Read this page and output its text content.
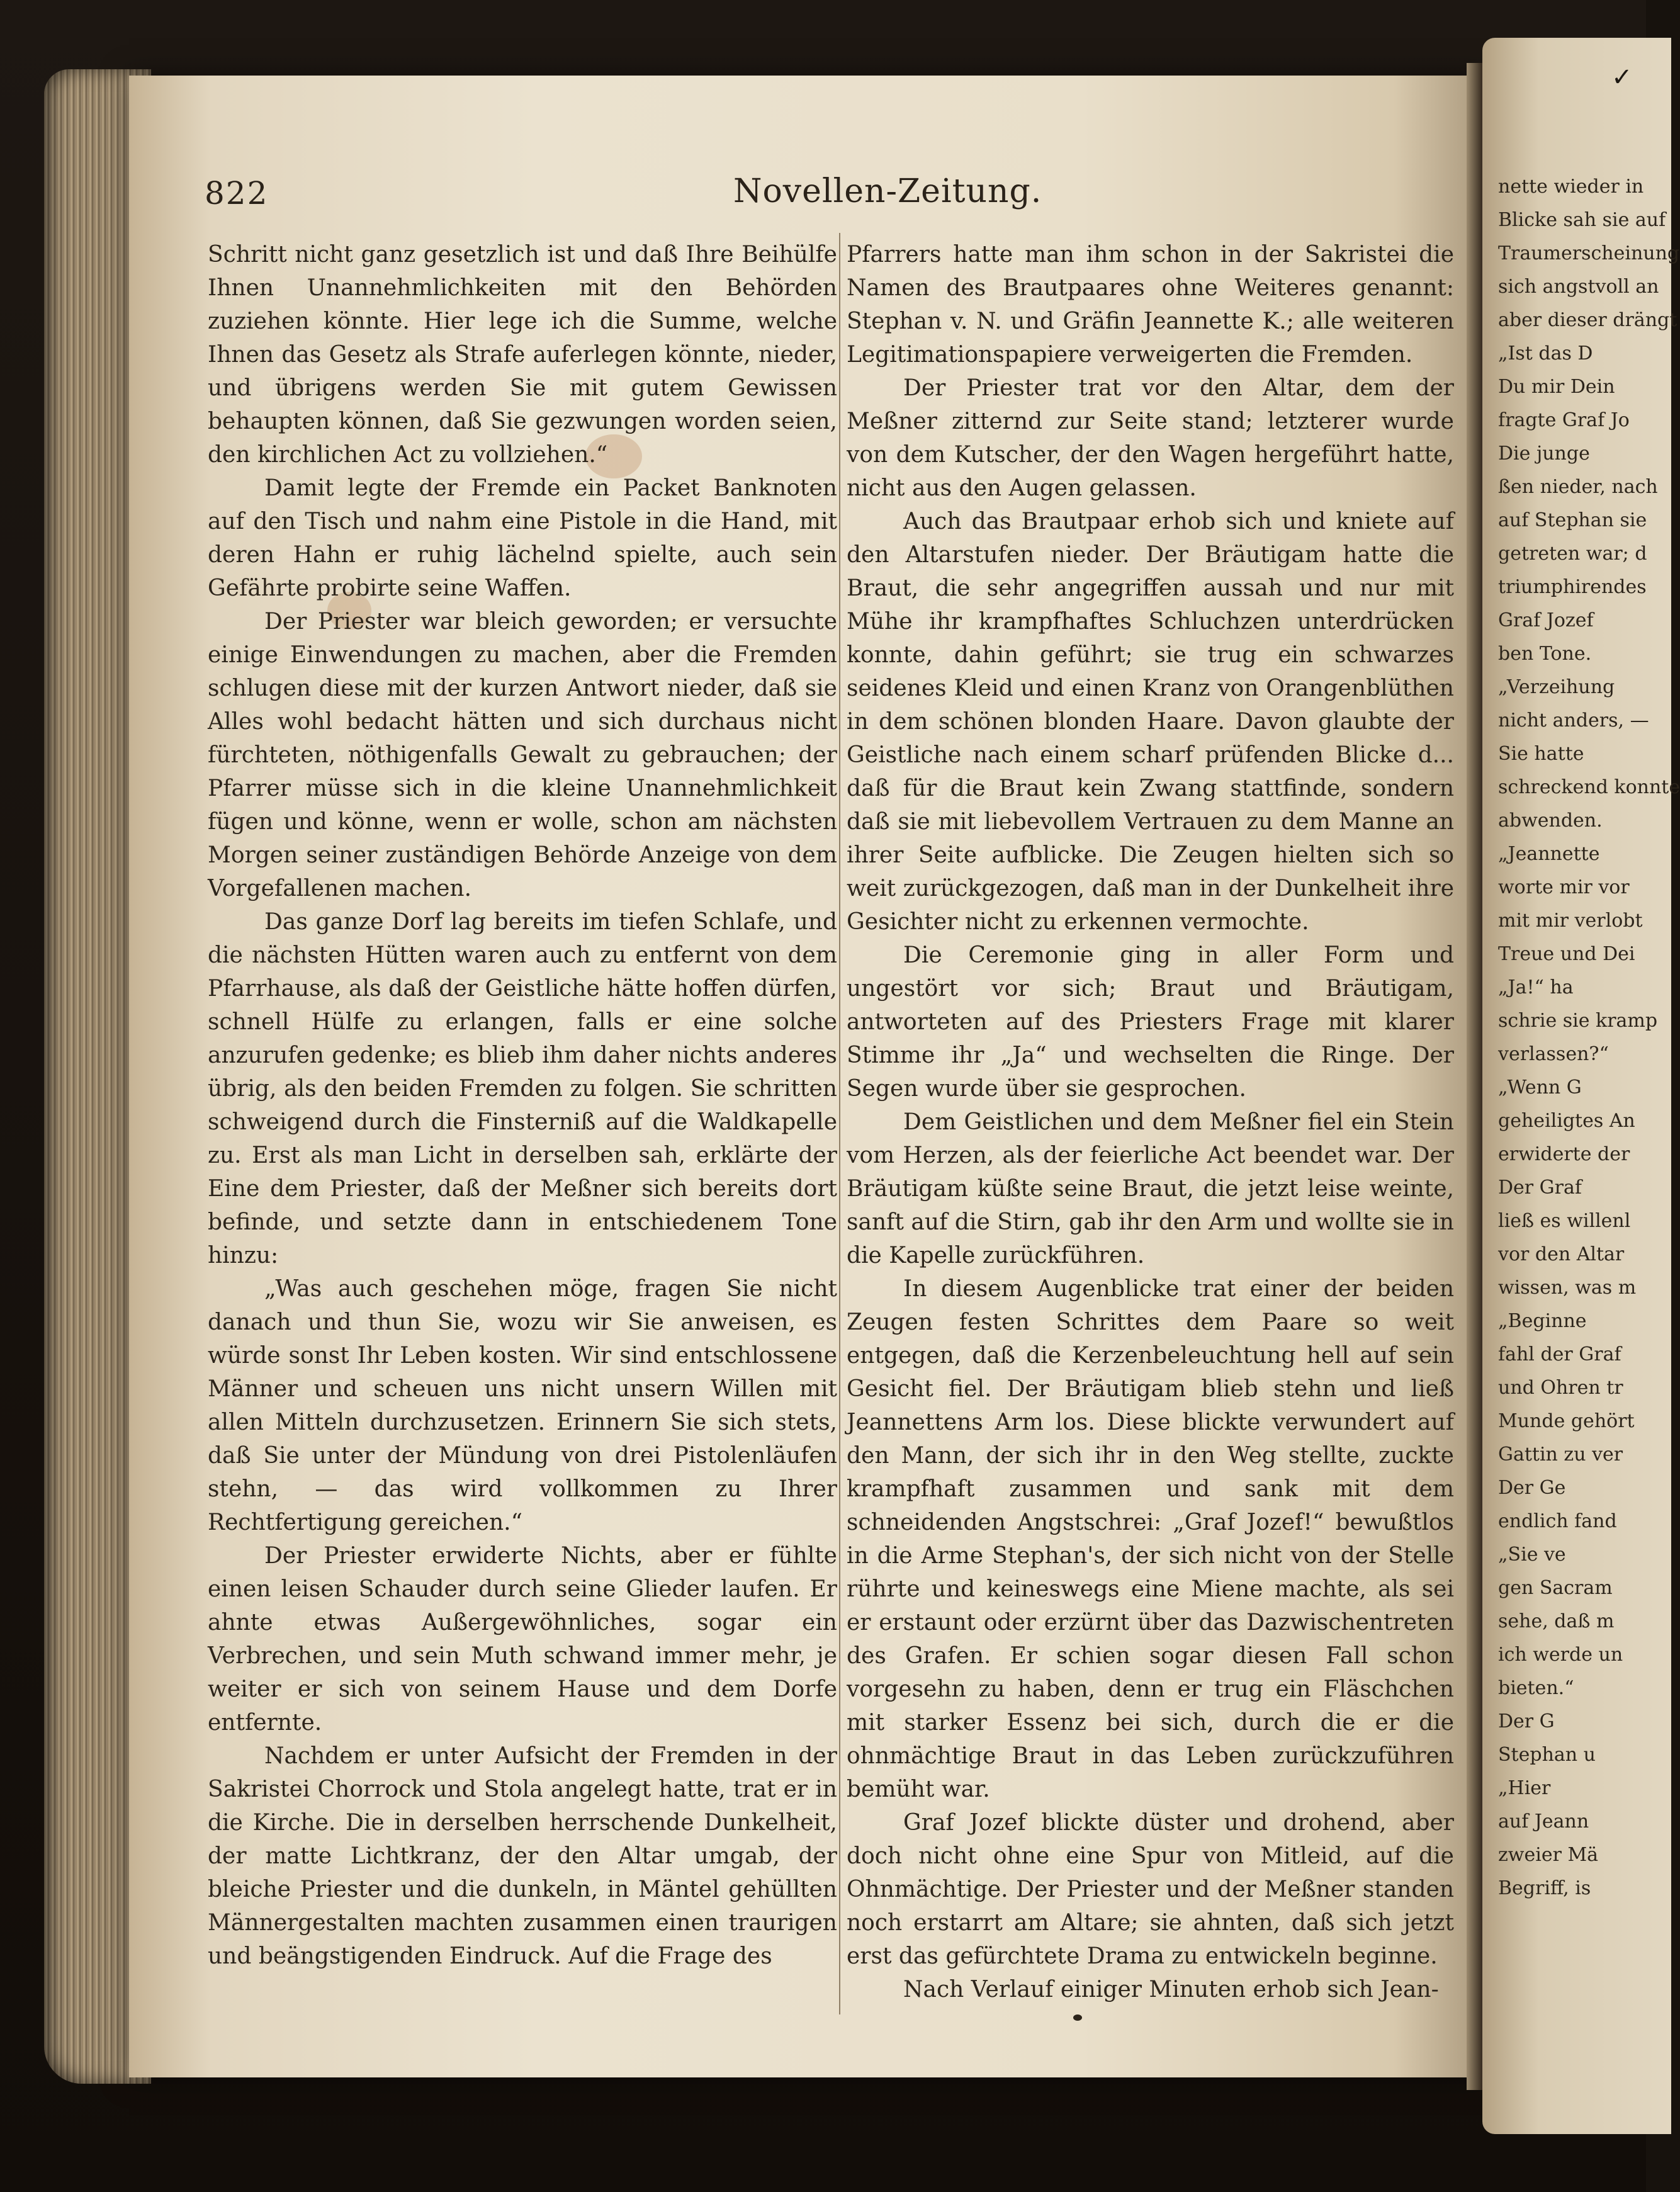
822	Novellen-Zeitung.

Schritt nicht ganz gesetzlich ist und daß Ihre Beihülfe Ihnen Unannehmlichkeiten mit den Behörden zuziehen könnte. Hier lege ich die Summe, welche Ihnen das Gesetz als Strafe auferlegen könnte, nieder, und übrigens werden Sie mit gutem Gewissen behaupten können, daß Sie gezwungen worden seien, den kirchlichen Act zu vollziehen.“

Damit legte der Fremde ein Packet Banknoten auf den Tisch und nahm eine Pistole in die Hand, mit deren Hahn er ruhig lächelnd spielte, auch sein Gefährte probirte seine Waffen.

Der Priester war bleich geworden; er versuchte einige Einwendungen zu machen, aber die Fremden schlugen diese mit der kurzen Antwort nieder, daß sie Alles wohl bedacht hätten und sich durchaus nicht fürchteten, nöthigenfalls Gewalt zu gebrauchen; der Pfarrer müsse sich in die kleine Unannehmlichkeit fügen und könne, wenn er wolle, schon am nächsten Morgen seiner zuständigen Behörde Anzeige von dem Vorgefallenen machen.

Das ganze Dorf lag bereits im tiefen Schlafe, und die nächsten Hütten waren auch zu entfernt von dem Pfarrhause, als daß der Geistliche hätte hoffen dürfen, schnell Hülfe zu erlangen, falls er eine solche anzurufen gedenke; es blieb ihm daher nichts anderes übrig, als den beiden Fremden zu folgen. Sie schritten schweigend durch die Finsterniß auf die Waldkapelle zu. Erst als man Licht in derselben sah, erklärte der Eine dem Priester, daß der Meßner sich bereits dort befinde, und setzte dann in entschiedenem Tone hinzu:

„Was auch geschehen möge, fragen Sie nicht danach und thun Sie, wozu wir Sie anweisen, es würde sonst Ihr Leben kosten. Wir sind entschlossene Männer und scheuen uns nicht unsern Willen mit allen Mitteln durchzusetzen. Erinnern Sie sich stets, daß Sie unter der Mündung von drei Pistolenläufen stehn, — das wird vollkommen zu Ihrer Rechtfertigung gereichen.“

Der Priester erwiderte Nichts, aber er fühlte einen leisen Schauder durch seine Glieder laufen. Er ahnte etwas Außergewöhnliches, sogar ein Verbrechen, und sein Muth schwand immer mehr, je weiter er sich von seinem Hause und dem Dorfe entfernte.

Nachdem er unter Aufsicht der Fremden in der Sakristei Chorrock und Stola angelegt hatte, trat er in die Kirche. Die in derselben herrschende Dunkelheit, der matte Lichtkranz, der den Altar umgab, der bleiche Priester und die dunkeln, in Mäntel gehüllten Männergestalten machten zusammen einen traurigen und beängstigenden Eindruck. Auf die Frage des

Pfarrers hatte man ihm schon in der Sakristei die Namen des Brautpaares ohne Weiteres genannt: Stephan v. N. und Gräfin Jeannette K.; alle weiteren Legitimationspapiere verweigerten die Fremden.

Der Priester trat vor den Altar, dem der Meßner zitternd zur Seite stand; letzterer wurde von dem Kutscher, der den Wagen hergeführt hatte, nicht aus den Augen gelassen.

Auch das Brautpaar erhob sich und kniete auf den Altarstufen nieder. Der Bräutigam hatte die Braut, die sehr angegriffen aussah und nur mit Mühe ihr krampfhaftes Schluchzen unterdrücken konnte, dahin geführt; sie trug ein schwarzes seidenes Kleid und einen Kranz von Orangenblüthen in dem schönen blonden Haare. Davon glaubte der Geistliche nach einem scharf prüfenden Blicke d... daß für die Braut kein Zwang stattfinde, sondern daß sie mit liebevollem Vertrauen zu dem Manne an ihrer Seite aufblicke. Die Zeugen hielten sich so weit zurückgezogen, daß man in der Dunkelheit ihre Gesichter nicht zu erkennen vermochte.

Die Ceremonie ging in aller Form und ungestört vor sich; Braut und Bräutigam, antworteten auf des Priesters Frage mit klarer Stimme ihr „Ja“ und wechselten die Ringe. Der Segen wurde über sie gesprochen.

Dem Geistlichen und dem Meßner fiel ein Stein vom Herzen, als der feierliche Act beendet war. Der Bräutigam küßte seine Braut, die jetzt leise weinte, sanft auf die Stirn, gab ihr den Arm und wollte sie in die Kapelle zurückführen.

In diesem Augenblicke trat einer der beiden Zeugen festen Schrittes dem Paare so weit entgegen, daß die Kerzenbeleuchtung hell auf sein Gesicht fiel. Der Bräutigam blieb stehn und ließ Jeannettens Arm los. Diese blickte verwundert auf den Mann, der sich ihr in den Weg stellte, zuckte krampfhaft zusammen und sank mit dem schneidenden Angstschrei: „Graf Jozef!“ bewußtlos in die Arme Stephan's, der sich nicht von der Stelle rührte und keineswegs eine Miene machte, als sei er erstaunt oder erzürnt über das Dazwischentreten des Grafen. Er schien sogar diesen Fall schon vorgesehn zu haben, denn er trug ein Fläschchen mit starker Essenz bei sich, durch die er die ohnmächtige Braut in das Leben zurückzuführen bemüht war.

Graf Jozef blickte düster und drohend, aber doch nicht ohne eine Spur von Mitleid, auf die Ohnmächtige. Der Priester und der Meßner standen noch erstarrt am Altare; sie ahnten, daß sich jetzt erst das gefürchtete Drama zu entwickeln beginne.

Nach Verlauf einiger Minuten erhob sich Jean-

nette wieder in
Blicke sah sie auf
Traumerscheinung
sich angstvoll an
aber dieser drängt
„Ist das D
Du mir Dein
fragte Graf Jo
Die junge
ßen nieder, nach
auf Stephan sie
getreten war; d
triumphirendes
Graf Jozef
ben Tone.
„Verzeihung
nicht anders, —
Sie hatte
schreckend konnte
abwenden.
„Jeannette
worte mir vor
mit mir verlobt
Treue und Dei
„Ja!“ ha
schrie sie kramp
verlassen?“
„Wenn G
geheiligtes An
erwiderte der
Der Graf
ließ es willenl
vor den Altar
wissen, was m
„Beginne
fahl der Graf
und Ohren tr
Munde gehört
Gattin zu ver
Der Ge
endlich fand
„Sie ve
gen Sacram
sehe, daß m
ich werde un
bieten.“
Der G
Stephan u
„Hier
auf Jeann
zweier Mä
Begriff, is
✓
